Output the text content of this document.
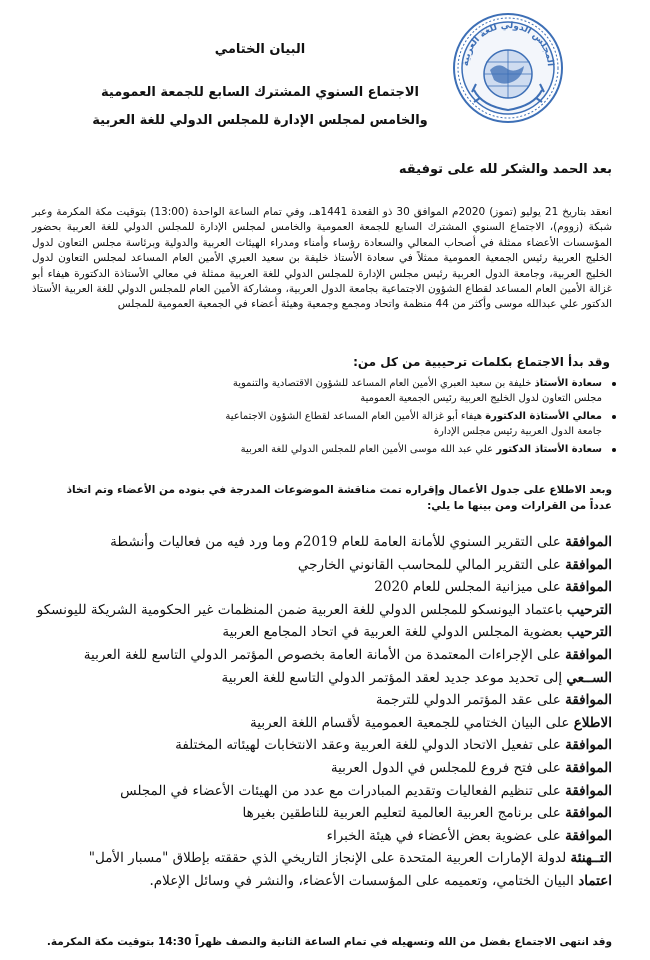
المجلس الدولي للغة العربية
البيان الختامي
الاجتماع السنوي المشترك السابع للجمعة العمومية
والخامس لمجلس الإدارة للمجلس الدولي للغة العربية
بعد الحمد والشكر لله على توفيقه
انعقد بتاريخ 21 يوليو (تموز) 2020م الموافق 30 ذو القعدة 1441هـ، وفي تمام الساعة الواحدة (13:00) بتوقيت مكة المكرمة وعبر شبكة (زووم)، الاجتماع السنوي المشترك السابع للجمعة العمومية والخامس لمجلس الإدارة للمجلس الدولي للغة العربية بحضور المؤسسات الأعضاء ممثلة في أصحاب المعالي والسعادة رؤساء وأمناء ومدراء الهيئات العربية والدولية وبرئاسة مجلس التعاون لدول الخليج العربية رئيس الجمعية العمومية ممثلاً في سعادة الأستاذ خليفة بن سعيد العبري الأمين العام المساعد لمجلس التعاون لدول الخليج العربية، وجامعة الدول العربية رئيس مجلس الإدارة للمجلس الدولي للغة العربية ممثلة في معالي الأستاذة الدكتورة هيفاء أبو غزالة الأمين العام المساعد لقطاع الشؤون الاجتماعية بجامعة الدول العربية، ومشاركة الأمين العام للمجلس الدولي للغة العربية الأستاذ الدكتور علي عبدالله موسى وأكثر من 44 منظمة واتحاد ومجمع وجمعية وهيئة أعضاء في الجمعية العمومية للمجلس
وقد بدأ الاجتماع بكلمات ترحيبية من كل من:
سعادة الأستاذ خليفة بن سعيد العبري الأمين العام المساعد للشؤون الاقتصادية والتنموية
مجلس التعاون لدول الخليج العربية رئيس الجمعية العمومية
معالي الأستاذة الدكتورة هيفاء أبو غزالة الأمين العام المساعد لقطاع الشؤون الاجتماعية
جامعة الدول العربية رئيس مجلس الإدارة
سعادة الأستاذ الدكتور علي عبد الله موسى الأمين العام للمجلس الدولي للغة العربية
وبعد الاطلاع على جدول الأعمال وإقراره تمت مناقشة الموضوعات المدرجة في بنوده من الأعضاء وتم اتخاذ عدداً من القرارات ومن بينها ما يلي:
الموافقة على التقرير السنوي للأمانة العامة للعام 2019م وما ورد فيه من فعاليات وأنشطة
الموافقة على التقرير المالي للمحاسب القانوني الخارجي
الموافقة على ميزانية المجلس للعام 2020
الترحيب باعتماد اليونسكو للمجلس الدولي للغة العربية ضمن المنظمات غير الحكومية الشريكة لليونسكو
الترحيب بعضوية المجلس الدولي للغة العربية في اتحاد المجامع العربية
الموافقة على الإجراءات المعتمدة من الأمانة العامة بخصوص المؤتمر الدولي التاسع للغة العربية
الســعي إلى تحديد موعد جديد لعقد المؤتمر الدولي التاسع للغة العربية
الموافقة على عقد المؤتمر الدولي للترجمة
الاطلاع على البيان الختامي للجمعية العمومية لأقسام اللغة العربية
الموافقة على تفعيل الاتحاد الدولي للغة العربية وعقد الانتخابات لهيئاته المختلفة
الموافقة على فتح فروع للمجلس في الدول العربية
الموافقة على تنظيم الفعاليات وتقديم المبادرات مع عدد من الهيئات الأعضاء في المجلس
الموافقة على برنامج العربية العالمية لتعليم العربية للناطقين بغيرها
الموافقة على عضوية بعض الأعضاء في هيئة الخبراء
التــهنئة لدولة الإمارات العربية المتحدة على الإنجاز التاريخي الذي حققته بإطلاق "مسبار الأمل"
اعتماد البيان الختامي، وتعميمه على المؤسسات الأعضاء، والنشر في وسائل الإعلام.
وقد انتهى الاجتماع بفضل من الله وتسهيله في تمام الساعة الثانية والنصف ظهراً 14:30 بتوقيت مكة المكرمة.
